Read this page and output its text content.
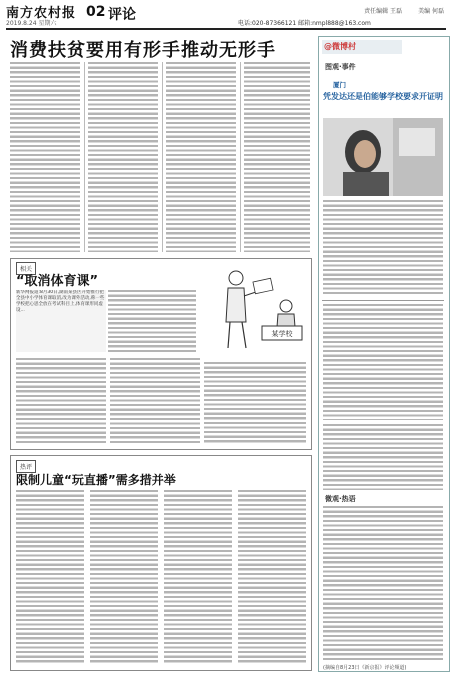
南方农村报
2019.8.24 星期六
02 评论	责任编辑 王磊	美编 何磊
电话:020-87366121 邮箱:nmpl888@163.com
消费扶贫要用有形手推动无形手
相关
“取消体育课”
新华网报道:8月30日,湖南某县区开始推行把全县中小学体育课取消,改为课外活动,称一些学校把心思全放在考试科目上,体育课形同虚设...
某学校
热评
限制儿童“玩直播”需多措并举
@微博村
图观·事件
厦门
凭发达还是伯能够学校要求开证明
微观·热语
(摘编自8月23日《新京报》评论频道)
